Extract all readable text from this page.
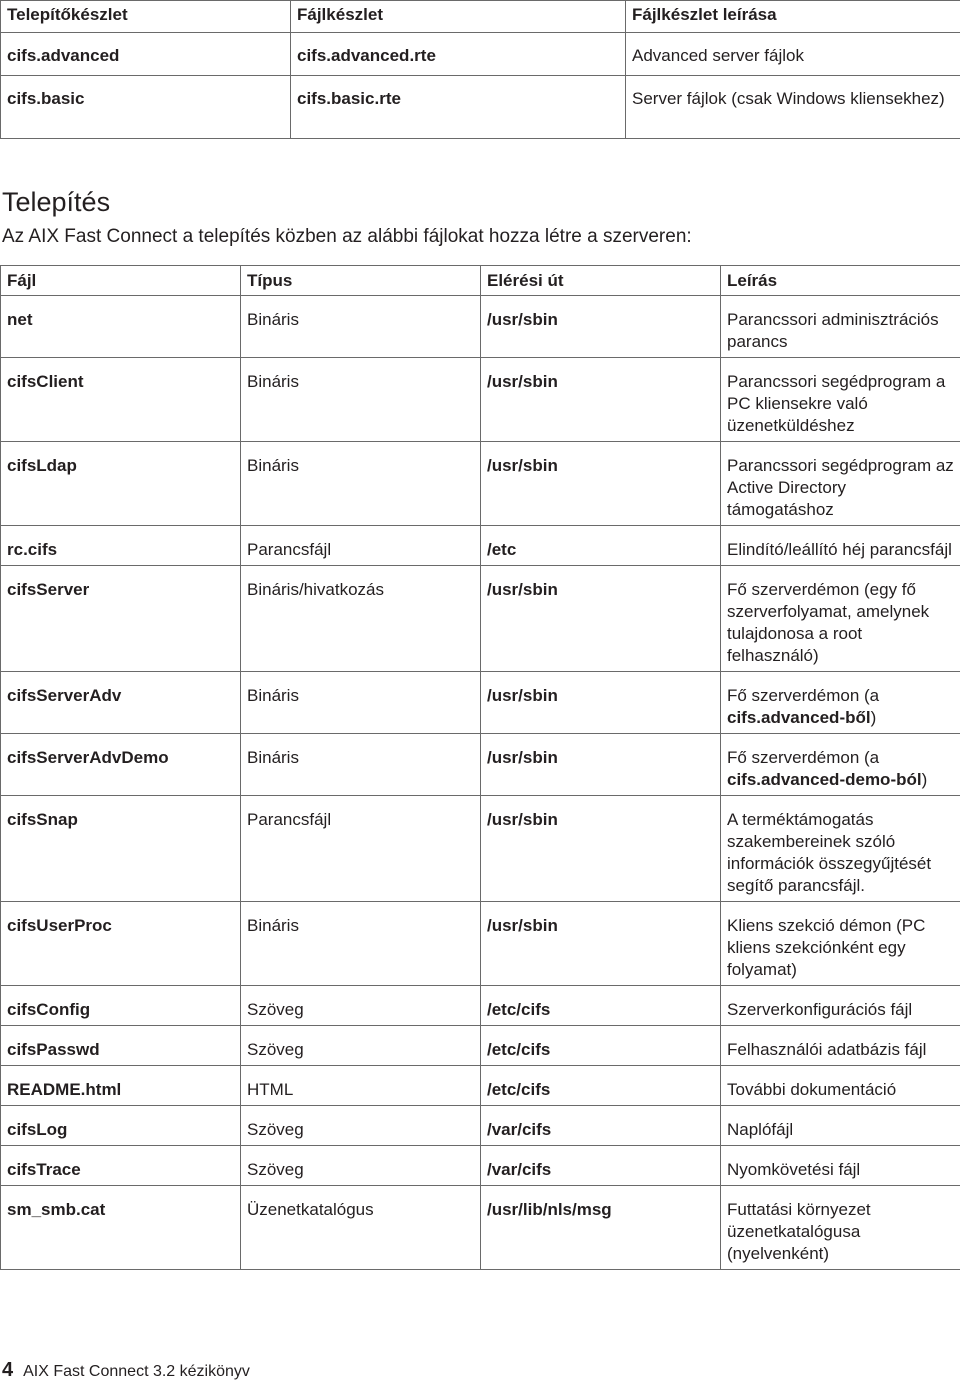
Telepítőkészlet	Fájlkészlet	Fájlkészlet leírása
cifs.advanced	cifs.advanced.rte	Advanced server fájlok
cifs.basic	cifs.basic.rte	Server fájlok (csak Windows kliensekhez)
Telepítés

Az AIX Fast Connect a telepítés közben az alábbi fájlokat hozza létre a szerveren:

Fájl	Típus	Elérési út	Leírás
net	Bináris	/usr/sbin	Parancssori adminisztrációs parancs
cifsClient	Bináris	/usr/sbin	Parancssori segédprogram a PC kliensekre való üzenetküldéshez
cifsLdap	Bináris	/usr/sbin	Parancssori segédprogram az Active Directory támogatáshoz
rc.cifs	Parancsfájl	/etc	Elindító/leállító héj parancsfájl
cifsServer	Bináris/hivatkozás	/usr/sbin	Fő szerverdémon (egy fő szerverfolyamat, amelynek tulajdonosa a root felhasználó)
cifsServerAdv	Bináris	/usr/sbin	Fő szerverdémon (a cifs.advanced-ből)
cifsServerAdvDemo	Bináris	/usr/sbin	Fő szerverdémon (a cifs.advanced-demo-ból)
cifsSnap	Parancsfájl	/usr/sbin	A terméktámogatás szakembereinek szóló információk összegyűjtését segítő parancsfájl.
cifsUserProc	Bináris	/usr/sbin	Kliens szekció démon (PC kliens szekciónként egy folyamat)
cifsConfig	Szöveg	/etc/cifs	Szerverkonfigurációs fájl
cifsPasswd	Szöveg	/etc/cifs	Felhasználói adatbázis fájl
README.html	HTML	/etc/cifs	További dokumentáció
cifsLog	Szöveg	/var/cifs	Naplófájl
cifsTrace	Szöveg	/var/cifs	Nyomkövetési fájl
sm_smb.cat	Üzenetkatalógus	/usr/lib/nls/msg	Futtatási környezet üzenetkatalógusa (nyelvenként)
4 AIX Fast Connect 3.2 kézikönyv
